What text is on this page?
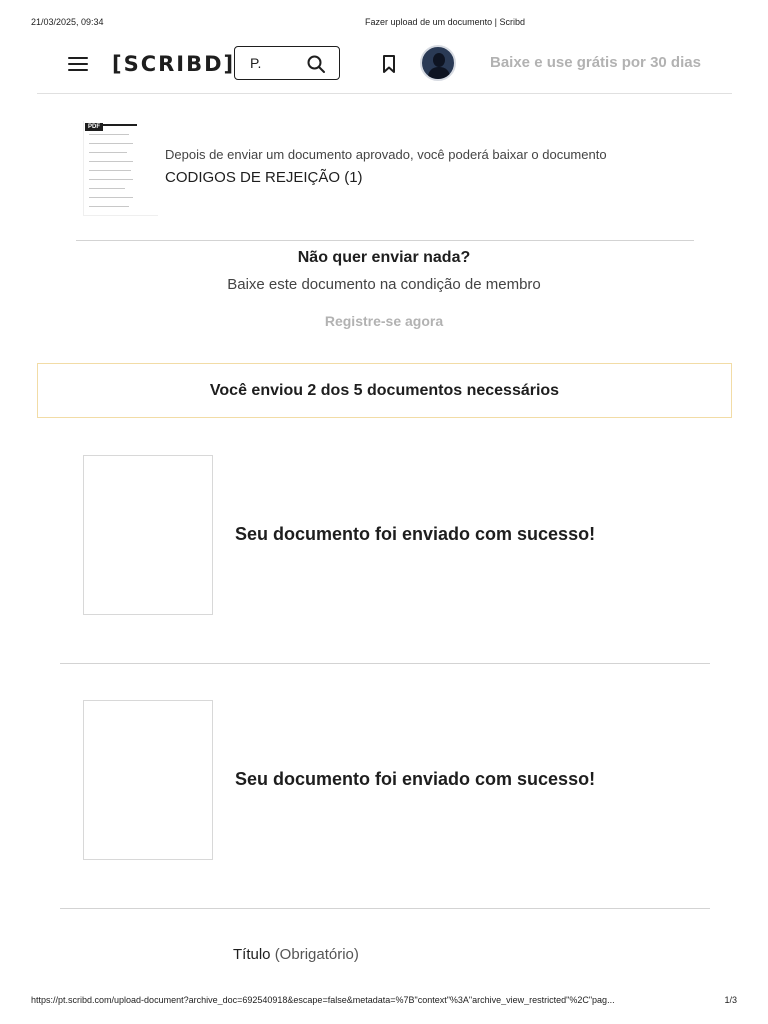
21/03/2025, 09:34	Fazer upload de um documento | Scribd
[SCRIBD] P.	Baixe e use grátis por 30 dias
PDF
Depois de enviar um documento aprovado, você poderá baixar o documento
CODIGOS DE REJEIÇÃO (1)
Não quer enviar nada?
Baixe este documento na condição de membro
Registre-se agora
Você enviou 2 dos 5 documentos necessários
Seu documento foi enviado com sucesso!
Seu documento foi enviado com sucesso!
Título (Obrigatório)
https://pt.scribd.com/upload-document?archive_doc=692540918&escape=false&metadata=%7B"context"%3A"archive_view_restricted"%2C"pag...	1/3
